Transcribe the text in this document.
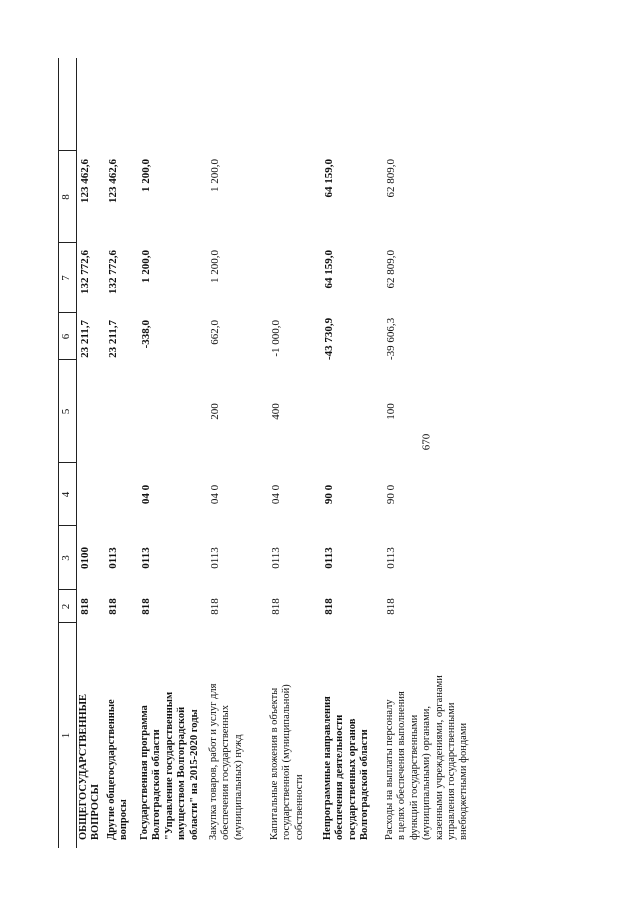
670
1
2
3
4
5
6
7
8
ОБЩЕГОСУДАРСТВЕННЫЕ ВОПРОСЫ
818
0100
23 211,7
132 772,6
123 462,6
Другие общегосударственные вопросы
818
0113
23 211,7
132 772,6
123 462,6
Государственная программа Волгоградской области "Управление государственным имуществом Волгоградской области" на 2015-2020 годы
818
0113
04 0
-338,0
1 200,0
1 200,0
Закупка товаров, работ и услуг для обеспечения государственных (муниципальных) нужд
818
0113
04 0
200
662,0
1 200,0
1 200,0
Капитальные вложения в объекты государственной (муниципальной) собственности
818
0113
04 0
400
-1 000,0
Непрограммные направления обеспечения деятельности государственных органов Волгоградской области
818
0113
90 0
-43 730,9
64 159,0
64 159,0
Расходы на выплаты персоналу в целях обеспечения выполнения функций государственными (муниципальными) органами, казенными учреждениями, органами управления государственными внебюджетными фондами
818
0113
90 0
100
-39 606,3
62 809,0
62 809,0
